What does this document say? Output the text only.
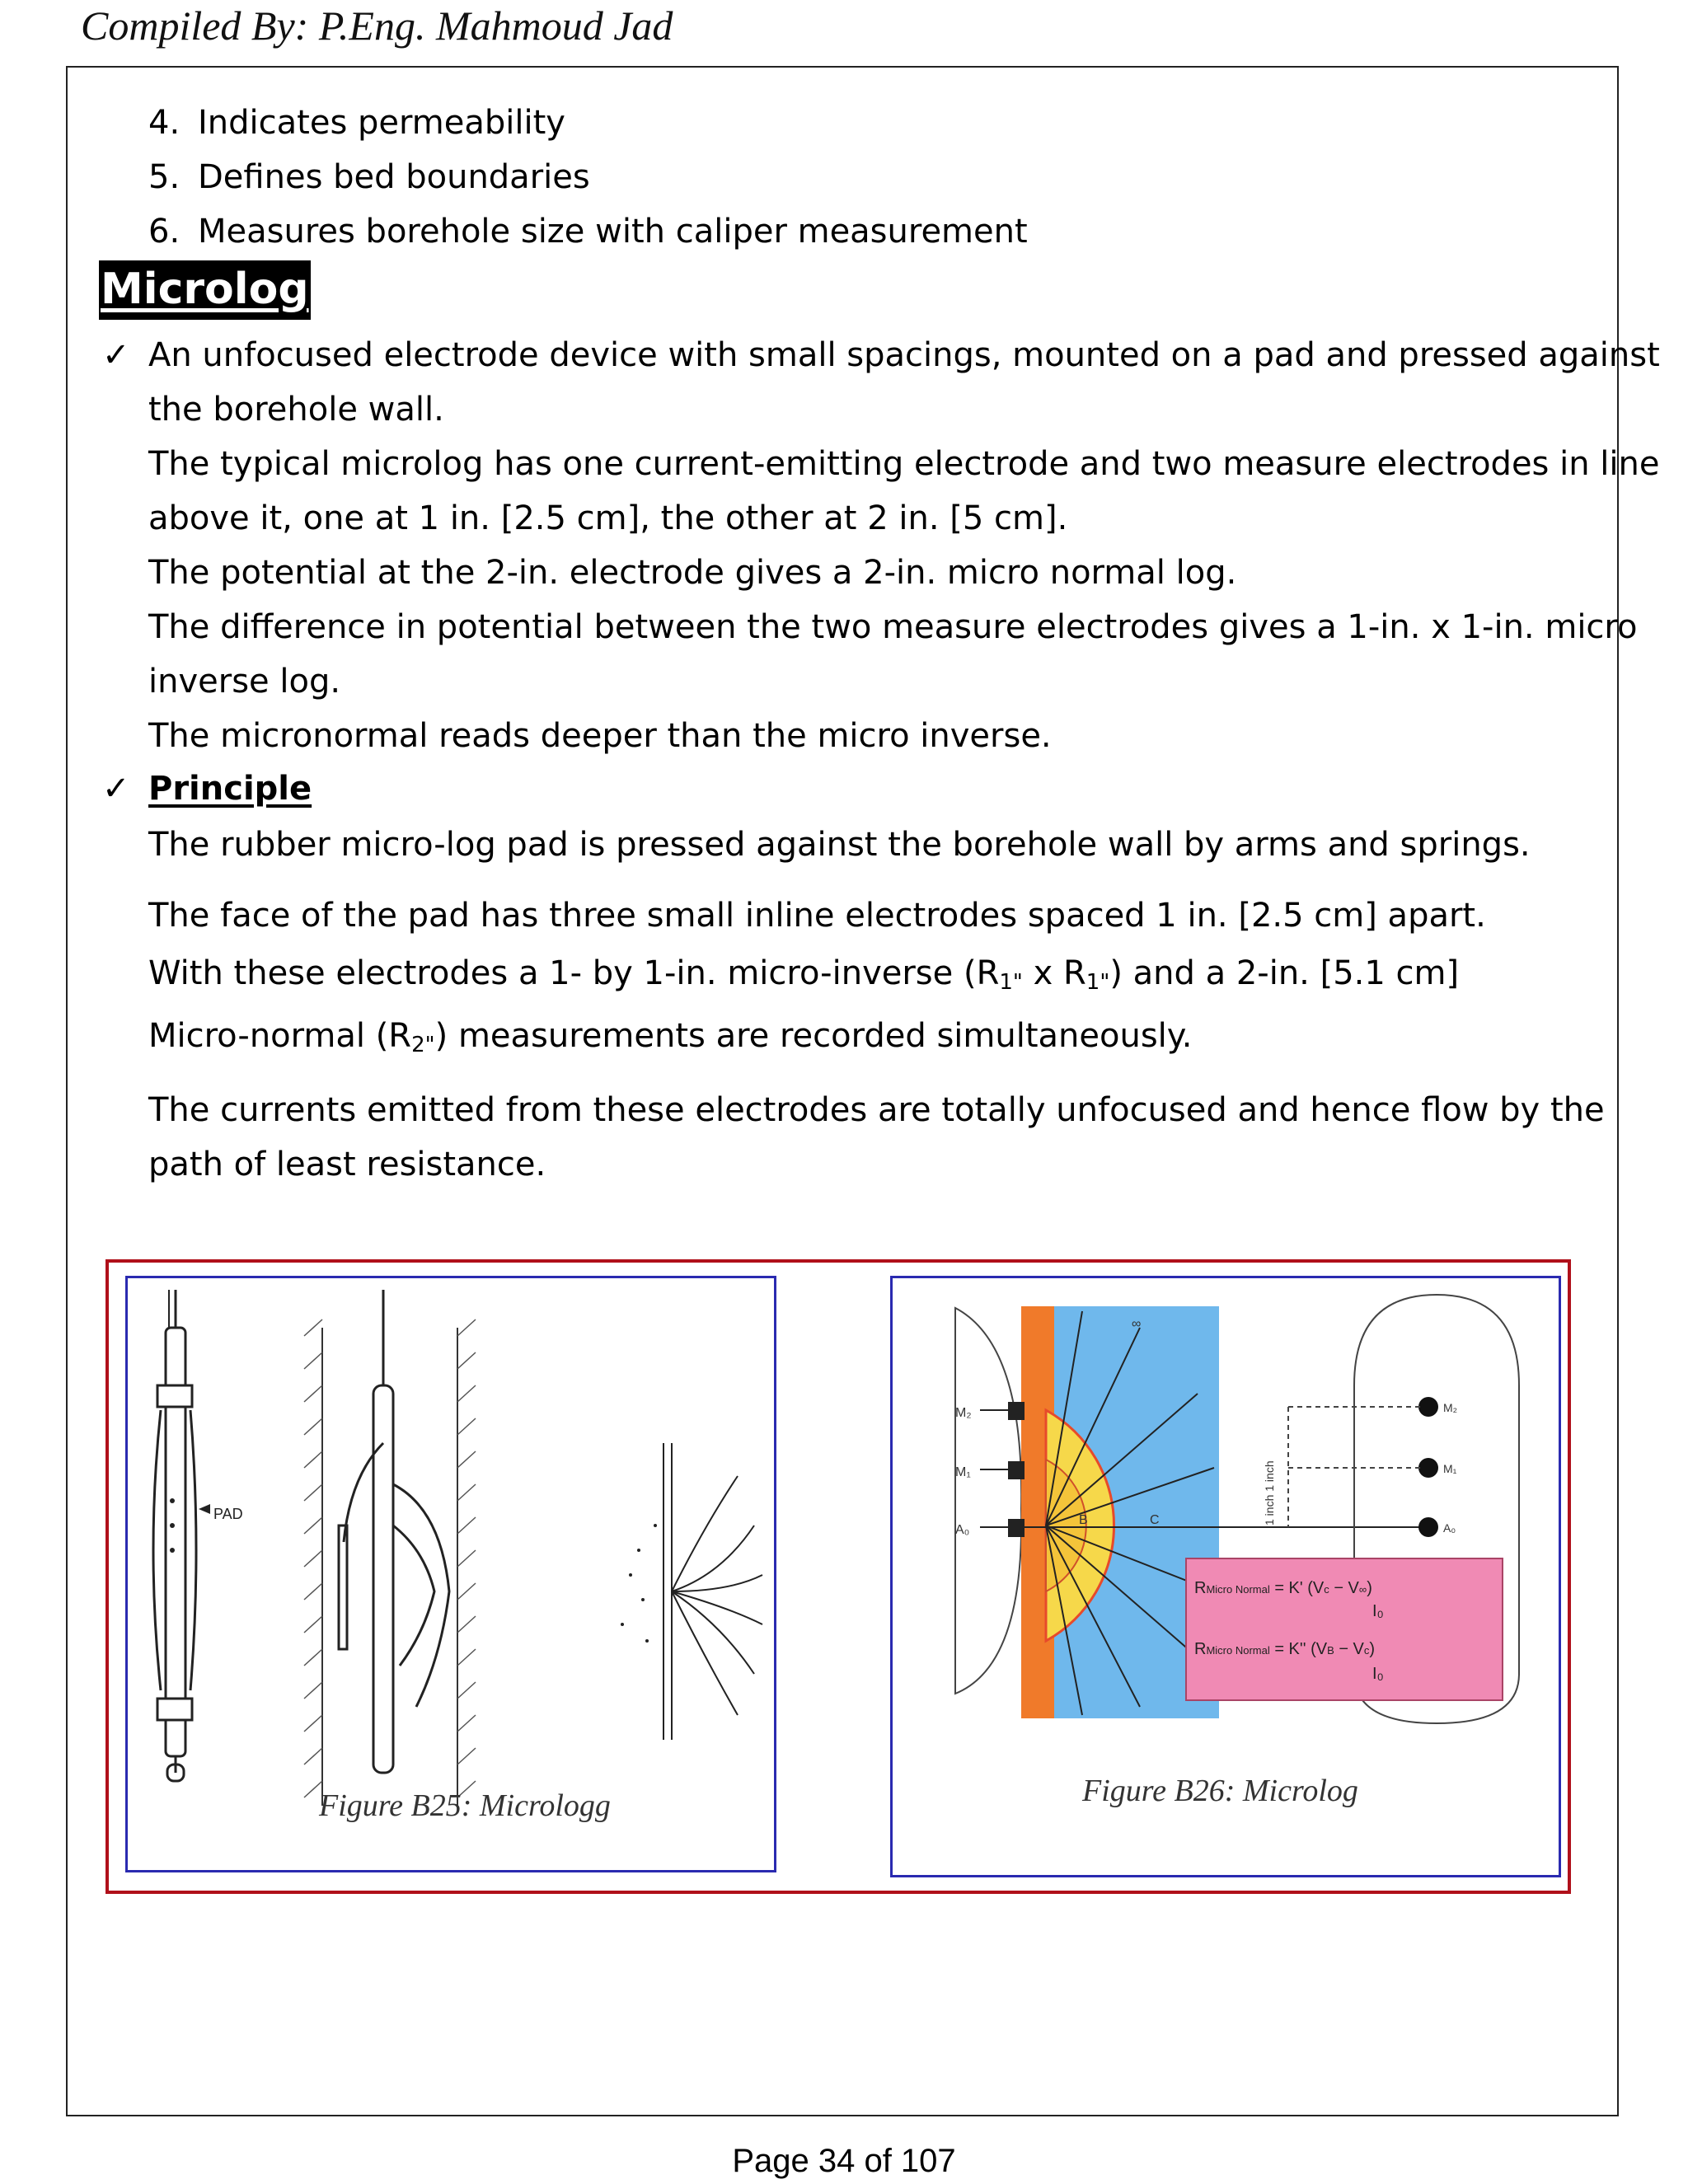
Compiled By: P.Eng. Mahmoud Jad
4. Indicates permeability
5. Defines bed boundaries
6. Measures borehole size with caliper measurement
Microlog
✓ An unfocused electrode device with small spacings, mounted on a pad and pressed against
the borehole wall.
The typical microlog has one current-emitting electrode and two measure electrodes in line
above it, one at 1 in. [2.5 cm], the other at 2 in. [5 cm].
The potential at the 2-in. electrode gives a 2-in. micro normal log.
The difference in potential between the two measure electrodes gives a 1-in. x 1-in. micro
inverse log.
The micronormal reads deeper than the micro inverse.
✓ Principle
The rubber micro-log pad is pressed against the borehole wall by arms and springs.
The face of the pad has three small inline electrodes spaced 1 in. [2.5 cm] apart.
With these electrodes a 1- by 1-in. micro-inverse ($R_{1"}$ x $R_{1"}$) and a 2-in. [5.1 cm]
Micro-normal $(R_{2"})$ measurements are recorded simultaneously.
The currents emitted from these electrodes are totally unfocused and hence flow by the
path of least resistance.
PAD
Figure B25: Micrologg
M₂
M₁
A₀
B	C
∞
M₂
M₁
A₀
1 inch 1 inch
RMicro Normal = K' (Vc − V∞)
I₀
RMicro Normal = K'' (VB − Vc)
I₀
Figure B26: Microlog
Page 34 of 107
